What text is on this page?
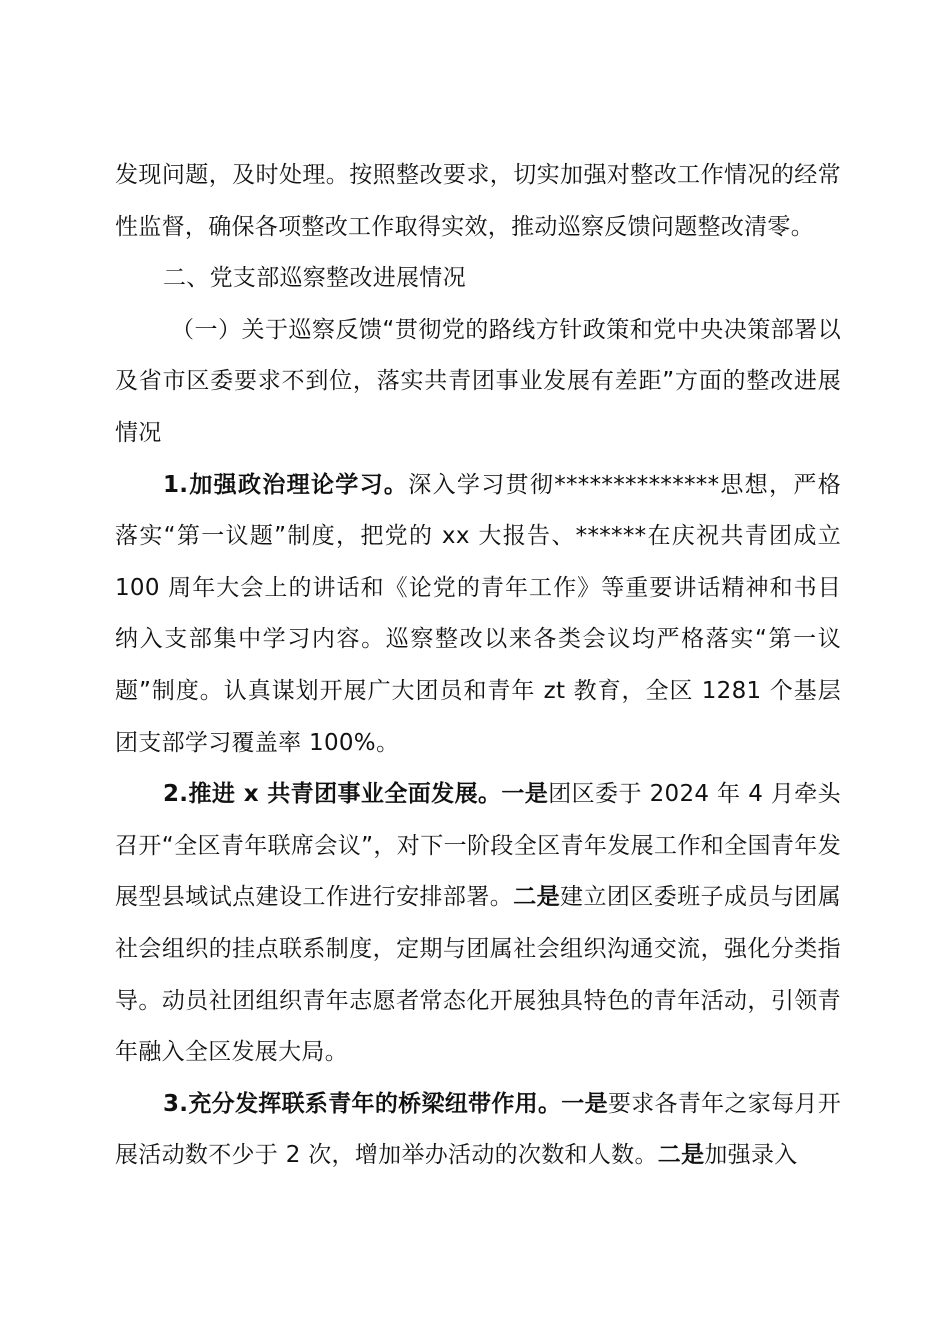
发现问题，及时处理。按照整改要求，切实加强对整改工作情况的经常性监督，确保各项整改工作取得实效，推动巡察反馈问题整改清零。

二、党支部巡察整改进展情况

（一）关于巡察反馈“贯彻党的路线方针政策和党中央决策部署以及省市区委要求不到位，落实共青团事业发展有差距”方面的整改进展情况

1.加强政治理论学习。深入学习贯彻**************思想，严格落实“第一议题”制度，把党的 xx 大报告、******在庆祝共青团成立 100 周年大会上的讲话和《论党的青年工作》等重要讲话精神和书目纳入支部集中学习内容。巡察整改以来各类会议均严格落实“第一议题”制度。认真谋划开展广大团员和青年 zt 教育，全区 1281 个基层团支部学习覆盖率 100%。

2.推进 x 共青团事业全面发展。一是团区委于 2024 年 4 月牵头召开“全区青年联席会议”，对下一阶段全区青年发展工作和全国青年发展型县域试点建设工作进行安排部署。二是建立团区委班子成员与团属社会组织的挂点联系制度，定期与团属社会组织沟通交流，强化分类指导。动员社团组织青年志愿者常态化开展独具特色的青年活动，引领青年融入全区发展大局。

3.充分发挥联系青年的桥梁纽带作用。一是要求各青年之家每月开展活动数不少于 2 次，增加举办活动的次数和人数。二是加强录入
